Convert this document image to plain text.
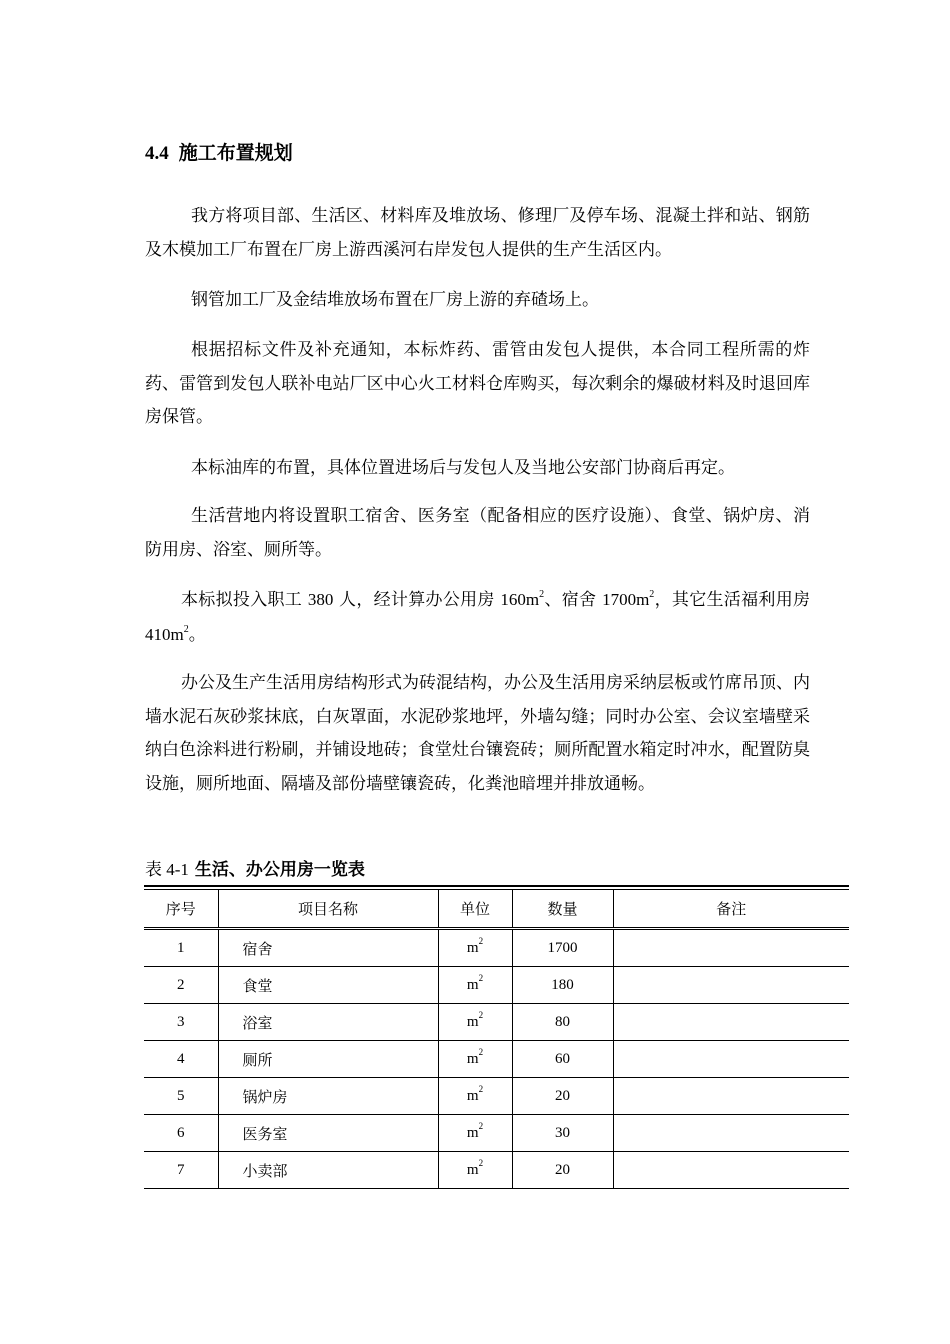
4.4 施工布置规划
我方将项目部、生活区、材料库及堆放场、修理厂及停车场、混凝土拌和站、钢筋及木模加工厂布置在厂房上游西溪河右岸发包人提供的生产生活区内。
钢管加工厂及金结堆放场布置在厂房上游的弃碴场上。
根据招标文件及补充通知，本标炸药、雷管由发包人提供，本合同工程所需的炸药、雷管到发包人联补电站厂区中心火工材料仓库购买，每次剩余的爆破材料及时退回库房保管。
本标油库的布置，具体位置进场后与发包人及当地公安部门协商后再定。
生活营地内将设置职工宿舍、医务室（配备相应的医疗设施）、食堂、锅炉房、消防用房、浴室、厕所等。
本标拟投入职工 380 人，经计算办公用房 $160m^2$、宿舍 $1700m^2$，其它生活福利用房 $410m^2$。
办公及生产生活用房结构形式为砖混结构，办公及生活用房采纳层板或竹席吊顶、内墙水泥石灰砂浆抹底，白灰罩面，水泥砂浆地坪，外墙勾缝；同时办公室、会议室墙壁采纳白色涂料进行粉刷，并铺设地砖；食堂灶台镶瓷砖；厕所配置水箱定时冲水，配置防臭设施，厕所地面、隔墙及部份墙壁镶瓷砖，化粪池暗埋并排放通畅。
表 4-1 生活、办公用房一览表
序号	项目名称	单位	数量	备注
1	宿舍	$m^2$	1700	
2	食堂	$m^2$	180	
3	浴室	$m^2$	80	
4	厕所	$m^2$	60	
5	锅炉房	$m^2$	20	
6	医务室	$m^2$	30	
7	小卖部	$m^2$	20	
